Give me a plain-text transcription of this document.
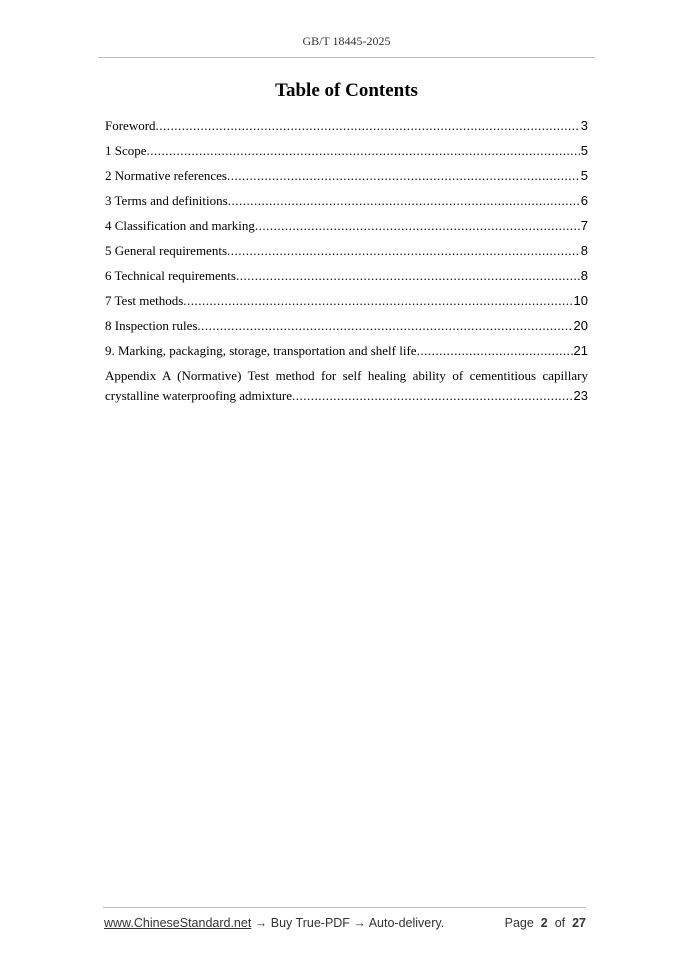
GB/T 18445-2025
Table of Contents
Foreword .....	3
1 Scope .....	5
2 Normative references .....	5
3 Terms and definitions .....	6
4 Classification and marking .....	7
5 General requirements .....	8
6 Technical requirements .....	8
7 Test methods .....	10
8 Inspection rules .....	20
9. Marking, packaging, storage, transportation and shelf life .....	21
Appendix A (Normative) Test method for self healing ability of cementitious capillary
crystalline waterproofing admixture .....	23
www.ChineseStandard.net → Buy True-PDF → Auto-delivery.	Page 2 of 27
